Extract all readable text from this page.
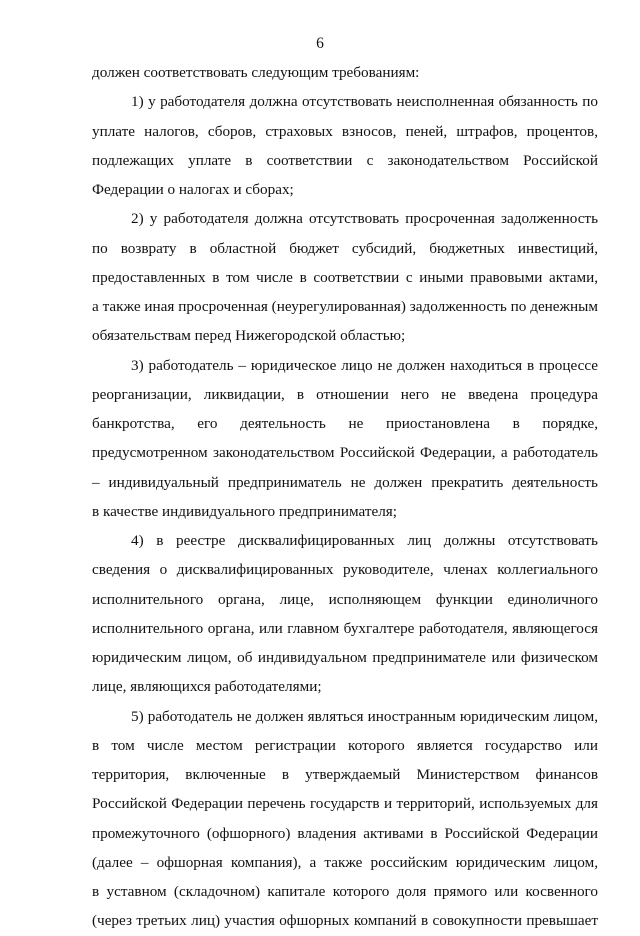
6
должен соответствовать следующим требованиям:
1) у работодателя должна отсутствовать неисполненная обязанность по
уплате налогов, сборов, страховых взносов, пеней, штрафов, процентов,
подлежащих уплате в соответствии с законодательством Российской
Федерации о налогах и сборах;
2) у работодателя должна отсутствовать просроченная задолженность
по возврату в областной бюджет субсидий, бюджетных инвестиций,
предоставленных в том числе в соответствии с иными правовыми актами,
а также иная просроченная (неурегулированная) задолженность по денежным
обязательствам перед Нижегородской областью;
3) работодатель – юридическое лицо не должен находиться в процессе
реорганизации, ликвидации, в отношении него не введена процедура
банкротства, его деятельность не приостановлена в порядке,
предусмотренном законодательством Российской Федерации, а работодатель
– индивидуальный предприниматель не должен прекратить деятельность
в качестве индивидуального предпринимателя;
4) в реестре дисквалифицированных лиц должны отсутствовать
сведения о дисквалифицированных руководителе, членах коллегиального
исполнительного органа, лице, исполняющем функции единоличного
исполнительного органа, или главном бухгалтере работодателя, являющегося
юридическим лицом, об индивидуальном предпринимателе или физическом
лице, являющихся работодателями;
5) работодатель не должен являться иностранным юридическим лицом,
в том числе местом регистрации которого является государство или
территория, включенные в утверждаемый Министерством финансов
Российской Федерации перечень государств и территорий, используемых для
промежуточного (офшорного) владения активами в Российской Федерации
(далее – офшорная компания), а также российским юридическим лицом,
в уставном (складочном) капитале которого доля прямого или косвенного
(через третьих лиц) участия офшорных компаний в совокупности превышает
